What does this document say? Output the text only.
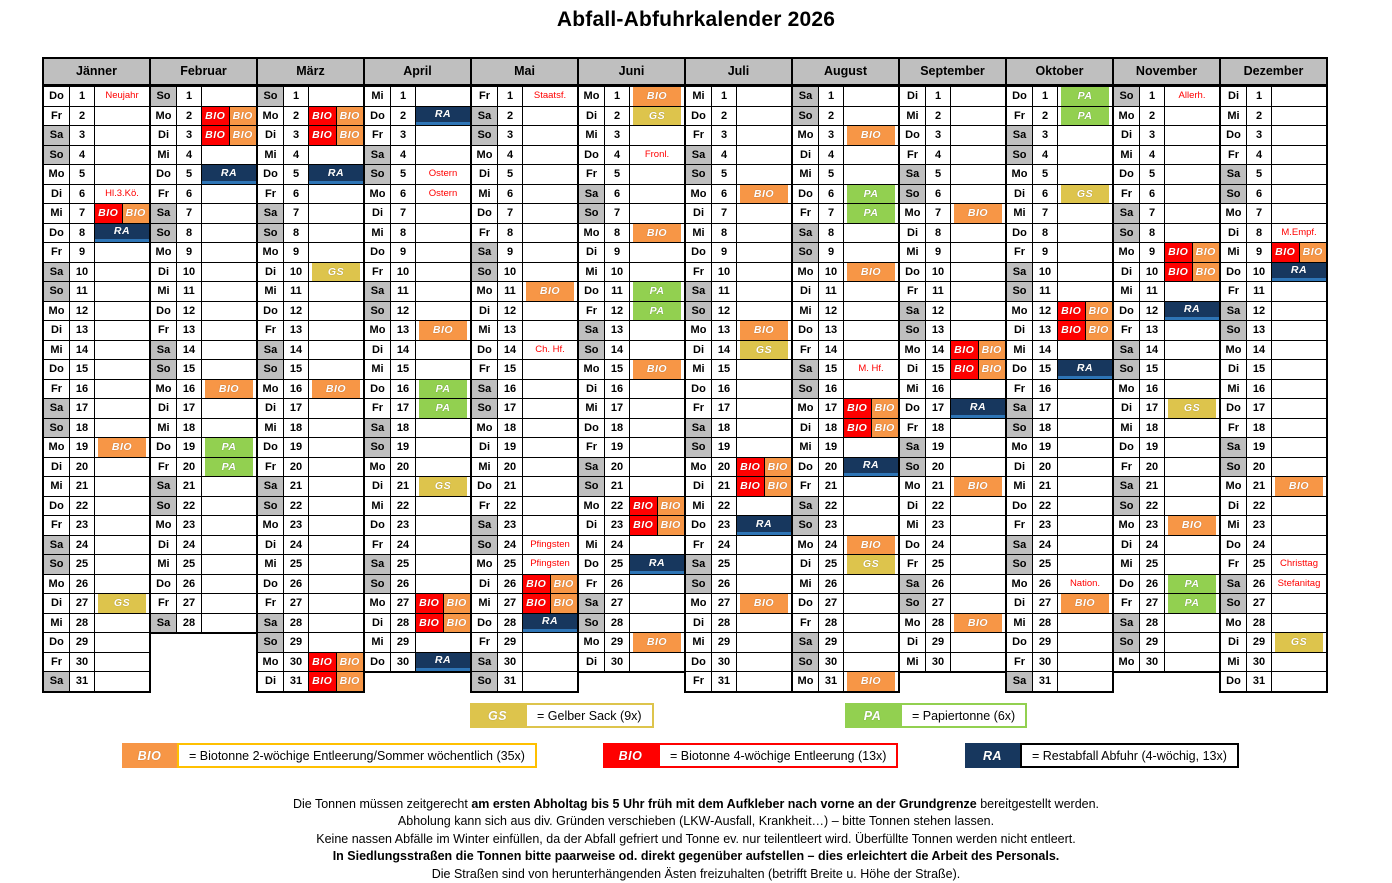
Abfall-Abfuhrkalender 2026
Jänner
Do	1	Neujahr
Fr	2
Sa	3
So	4
Mo	5
Di	6	Hl.3.Kö.
Mi	7	BIO BIO
Do	8	RA
Fr	9
Sa	10
So	11
Mo	12
Di	13
Mi	14
Do	15
Fr	16
Sa	17
So	18
Mo	19	BIO
Di	20
Mi	21
Do	22
Fr	23
Sa	24
So	25
Mo	26
Di	27	GS
Mi	28
Do	29
Fr	30
Sa	31
Februar
So	1
Mo	2	BIO BIO
Di	3	BIO BIO
Mi	4
Do	5	RA
Fr	6
Sa	7
So	8
Mo	9
Di	10
Mi	11
Do	12
Fr	13
Sa	14
So	15
Mo	16	BIO
Di	17
Mi	18
Do	19	PA
Fr	20	PA
Sa	21
So	22
Mo	23
Di	24
Mi	25
Do	26
Fr	27
Sa	28
März
So	1
Mo	2	BIO BIO
Di	3	BIO BIO
Mi	4
Do	5	RA
Fr	6
Sa	7
So	8
Mo	9
Di	10	GS
Mi	11
Do	12
Fr	13
Sa	14
So	15
Mo	16	BIO
Di	17
Mi	18
Do	19
Fr	20
Sa	21
So	22
Mo	23
Di	24
Mi	25
Do	26
Fr	27
Sa	28
So	29
Mo	30 BIO BIO
Di	31 BIO BIO
April
Mi	1
Do	2	RA
Fr	3
Sa	4
So	5	Ostern
Mo	6	Ostern
Di	7
Mi	8
Do	9
Fr	10
Sa	11
So	12
Mo	13	BIO
Di	14
Mi	15
Do	16	PA
Fr	17	PA
Sa	18
So	19
Mo	20
Di	21	GS
Mi	22
Do	23
Fr	24
Sa	25
So	26
Mo	27 BIO BIO
Di	28 BIO BIO
Mi	29
Do	30	RA
Mai
Fr	1	Staatsf.
Sa	2
So	3
Mo	4
Di	5
Mi	6
Do	7
Fr	8
Sa	9
So	10
Mo	11	BIO
Di	12
Mi	13
Do	14	Ch. Hf.
Fr	15
Sa	16
So	17
Mo	18
Di	19
Mi	20
Do	21
Fr	22
Sa	23
So	24	Pfingsten
Mo	25	Pfingsten
Di	26 BIO BIO
Mi	27 BIO BIO
Do	28	RA
Fr	29
Sa	30
So	31
Juni
Mo	1	BIO
Di	2	GS
Mi	3
Do	4	Fronl.
Fr	5
Sa	6
So	7
Mo	8	BIO
Di	9
Mi	10
Do	11	PA
Fr	12	PA
Sa	13
So	14
Mo	15	BIO
Di	16
Mi	17
Do	18
Fr	19
Sa	20
So	21
Mo	22 BIO BIO
Di	23 BIO BIO
Mi	24
Do	25	RA
Fr	26
Sa	27
So	28
Mo	29	BIO
Di	30
Juli
Mi	1
Do	2
Fr	3
Sa	4
So	5
Mo	6	BIO
Di	7
Mi	8
Do	9
Fr	10
Sa	11
So	12
Mo	13	BIO
Di	14	GS
Mi	15
Do	16
Fr	17
Sa	18
So	19
Mo	20 BIO BIO
Di	21 BIO BIO
Mi	22
Do	23	RA
Fr	24
Sa	25
So	26
Mo	27	BIO
Di	28
Mi	29
Do	30
Fr	31
August
Sa	1
So	2
Mo	3	BIO
Di	4
Mi	5
Do	6	PA
Fr	7	PA
Sa	8
So	9
Mo	10	BIO
Di	11
Mi	12
Do	13
Fr	14
Sa	15	M. Hf.
So	16
Mo	17 BIO BIO
Di	18 BIO BIO
Mi	19
Do	20	RA
Fr	21
Sa	22
So	23
Mo	24	BIO
Di	25	GS
Mi	26
Do	27
Fr	28
Sa	29
So	30
Mo	31	BIO
September
Di	1
Mi	2
Do	3
Fr	4
Sa	5
So	6
Mo	7	BIO
Di	8
Mi	9
Do	10
Fr	11
Sa	12
So	13
Mo	14 BIO BIO
Di	15 BIO BIO
Mi	16
Do	17	RA
Fr	18
Sa	19
So	20
Mo	21	BIO
Di	22
Mi	23
Do	24
Fr	25
Sa	26
So	27
Mo	28	BIO
Di	29
Mi	30
Oktober
Do	1	PA
Fr	2	PA
Sa	3
So	4
Mo	5
Di	6	GS
Mi	7
Do	8
Fr	9
Sa	10
So	11
Mo	12 BIO BIO
Di	13 BIO BIO
Mi	14
Do	15	RA
Fr	16
Sa	17
So	18
Mo	19
Di	20
Mi	21
Do	22
Fr	23
Sa	24
So	25
Mo	26	Nation.
Di	27	BIO
Mi	28
Do	29
Fr	30
Sa	31
November
So	1	Allerh.
Mo	2
Di	3
Mi	4
Do	5
Fr	6
Sa	7
So	8
Mo	9	BIO BIO
Di	10 BIO BIO
Mi	11
Do	12	RA
Fr	13
Sa	14
So	15
Mo	16
Di	17	GS
Mi	18
Do	19
Fr	20
Sa	21
So	22
Mo	23	BIO
Di	24
Mi	25
Do	26	PA
Fr	27	PA
Sa	28
So	29
Mo	30
Dezember
Di	1
Mi	2
Do	3
Fr	4
Sa	5
So	6
Mo	7
Di	8	M.Empf.
Mi	9	BIO BIO
Do	10	RA
Fr	11
Sa	12
So	13
Mo	14
Di	15
Mi	16
Do	17
Fr	18
Sa	19
So	20
Mo	21	BIO
Di	22
Mi	23
Do	24
Fr	25	Christtag
Sa	26	Stefanitag
So	27
Mo	28
Di	29	GS
Mi	30
Do	31
GS	= Gelber Sack (9x)	PA	= Papiertonne (6x)
BIO	= Biotonne 2-wöchige Entleerung/Sommer wöchentlich (35x)	BIO	= Biotonne 4-wöchige Entleerung (13x)	RA	= Restabfall Abfuhr (4-wöchig, 13x)
Die Tonnen müssen zeitgerecht am ersten Abholtag bis 5 Uhr früh mit dem Aufkleber nach vorne an der Grundgrenze bereitgestellt werden.
Abholung kann sich aus div. Gründen verschieben (LKW-Ausfall, Krankheit…) – bitte Tonnen stehen lassen.
Keine nassen Abfälle im Winter einfüllen, da der Abfall gefriert und Tonne ev. nur teilentleert wird. Überfüllte Tonnen werden nicht entleert.
In Siedlungsstraßen die Tonnen bitte paarweise od. direkt gegenüber aufstellen – dies erleichtert die Arbeit des Personals.
Die Straßen sind von herunterhängenden Ästen freizuhalten (betrifft Breite u. Höhe der Straße).
